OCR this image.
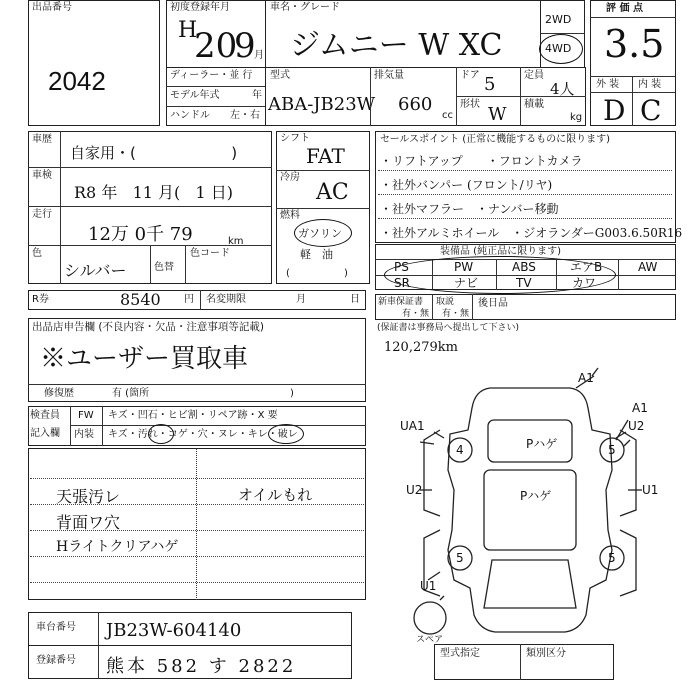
出品番号
2042
初度登録年月
H
20
9
月
車名・グレード
ジムニー W XC
2WD
4WD
評 価 点
3.5
外 装 内 装
D C
ディーラー・並 行
モデル年式	年
ハンドル 左・右
型式
ABA-JB23W
排気量
660
cc
ドア 5
形状 W
定員
4人
積載
kg
車歴
自家用・(                    )
車検
R8 年   11 月(   1 日)
走行
12万 0千 79	km
色
シルバー	色替
色コード
シフト
FAT
冷房
AC
燃料
ガソリン
軽　油
(                 )
セールスポイント (正常に機能するものに限ります)
・リフトアップ　　・フロントカメラ
・社外バンパー (フロント/リヤ)
・社外マフラー　・ナンバー移動
・社外アルミホイール　・ジオランダーG003.6.50R16
装備品 (純正品に限ります)
PS	PW	ABS	エアB	AW
SR	ナビ	TV	カワ
R券	8540 円 名変期限	月	日 新車保証書
有・無
取説
有・無
後日品
(保証書は事務局へ提出して下さい)
出品店申告欄 (不良内容・欠品・注意事項等記載)
※ユーザー買取車
修復歴	有 (箇所	)
検査員
記入欄
FW キズ・凹石・ヒビ割・リペア跡・X 要
内装 キズ・汚れ・コゲ・穴・ヌレ・キレ・破レ
天張汚レ
背面ワ穴
Hライトクリアハゲ
オイルもれ
120,279km
A1
A1
U2
UA1
U2	U1
U1
Pハゲ
Pハゲ
4	5
5	5
スペア
車台番号 JB23W-604140
登録番号 熊本 582 す 2822
型式指定	類別区分
